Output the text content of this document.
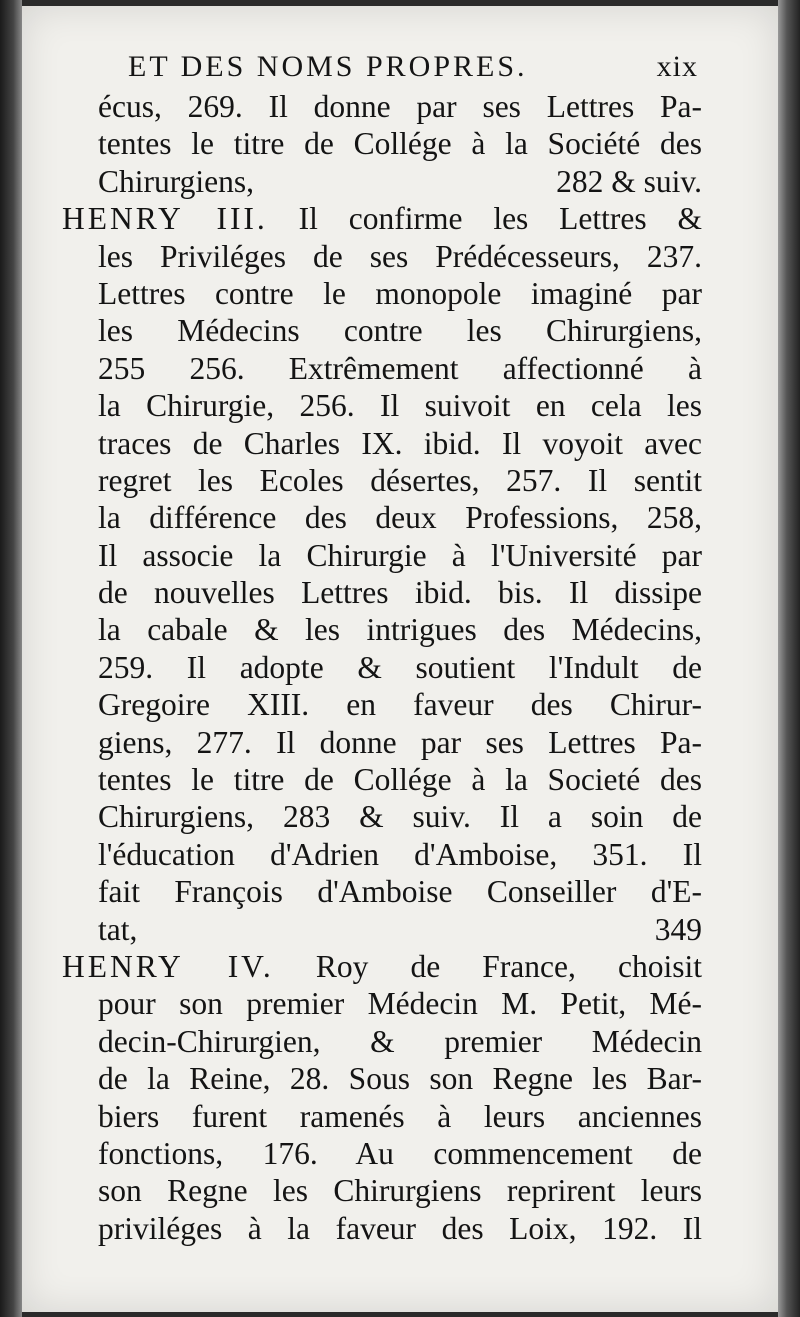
ET DES NOMS PROPRES.	xix
écus, 269. Il donne par ses Lettres Pa-
tentes le titre de Collége à la Société des
Chirurgiens,	282 & suiv.
HENRY III. Il confirme les Lettres &
les Priviléges de ses Prédécesseurs, 237.
Lettres contre le monopole imaginé par
les Médecins contre les Chirurgiens,
255 256. Extrêmement affectionné à
la Chirurgie, 256. Il suivoit en cela les
traces de Charles IX. ibid. Il voyoit avec
regret les Ecoles désertes, 257. Il sentit
la différence des deux Professions, 258,
Il associe la Chirurgie à l'Université par
de nouvelles Lettres ibid. bis. Il dissipe
la cabale & les intrigues des Médecins,
259. Il adopte & soutient l'Indult de
Gregoire XIII. en faveur des Chirur-
giens, 277. Il donne par ses Lettres Pa-
tentes le titre de Collége à la Societé des
Chirurgiens, 283 & suiv. Il a soin de
l'éducation d'Adrien d'Amboise, 351. Il
fait François d'Amboise Conseiller d'E-
tat,	349
HENRY IV. Roy de France, choisit
pour son premier Médecin M. Petit, Mé-
decin-Chirurgien, & premier Médecin
de la Reine, 28. Sous son Regne les Bar-
biers furent ramenés à leurs anciennes
fonctions, 176. Au commencement de
son Regne les Chirurgiens reprirent leurs
priviléges à la faveur des Loix, 192. Il
